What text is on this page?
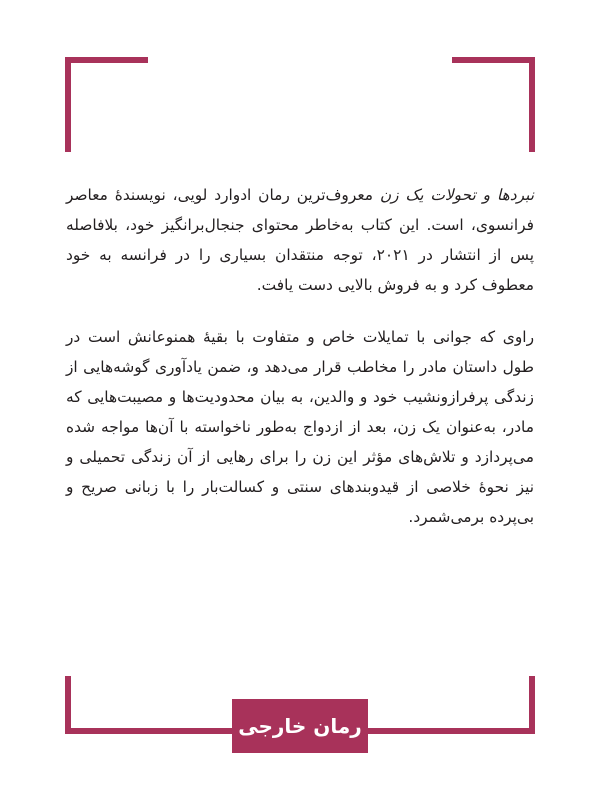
نبردها و تحولات یک زن معروف‌ترین رمان ادوارد لویی، نویسندهٔ معاصر فرانسوی، است. این کتاب به‌خاطر محتوای جنجال‌برانگیز خود، بلافاصله پس از انتشار در ۲۰۲۱، توجه منتقدان بسیاری را در فرانسه به خود معطوف کرد و به فروش بالایی دست یافت.

راوی که جوانی با تمایلات خاص و متفاوت با بقیهٔ همنوعانش است در طول داستان مادر را مخاطب قرار می‌دهد و، ضمن یادآوری گوشه‌هایی از زندگی پرفرازونشیب خود و والدین، به بیان محدودیت‌ها و مصیبت‌هایی که مادر، به‌عنوان یک زن، بعد از ازدواج به‌طور ناخواسته با آن‌ها مواجه شده می‌پردازد و تلاش‌های مؤثر این زن را برای رهایی از آن زندگی تحمیلی و نیز نحوهٔ خلاصی از قیدوبندهای سنتی و کسالت‌بار را با زبانی صریح و بی‌پرده برمی‌شمرد.

رمان خارجی
